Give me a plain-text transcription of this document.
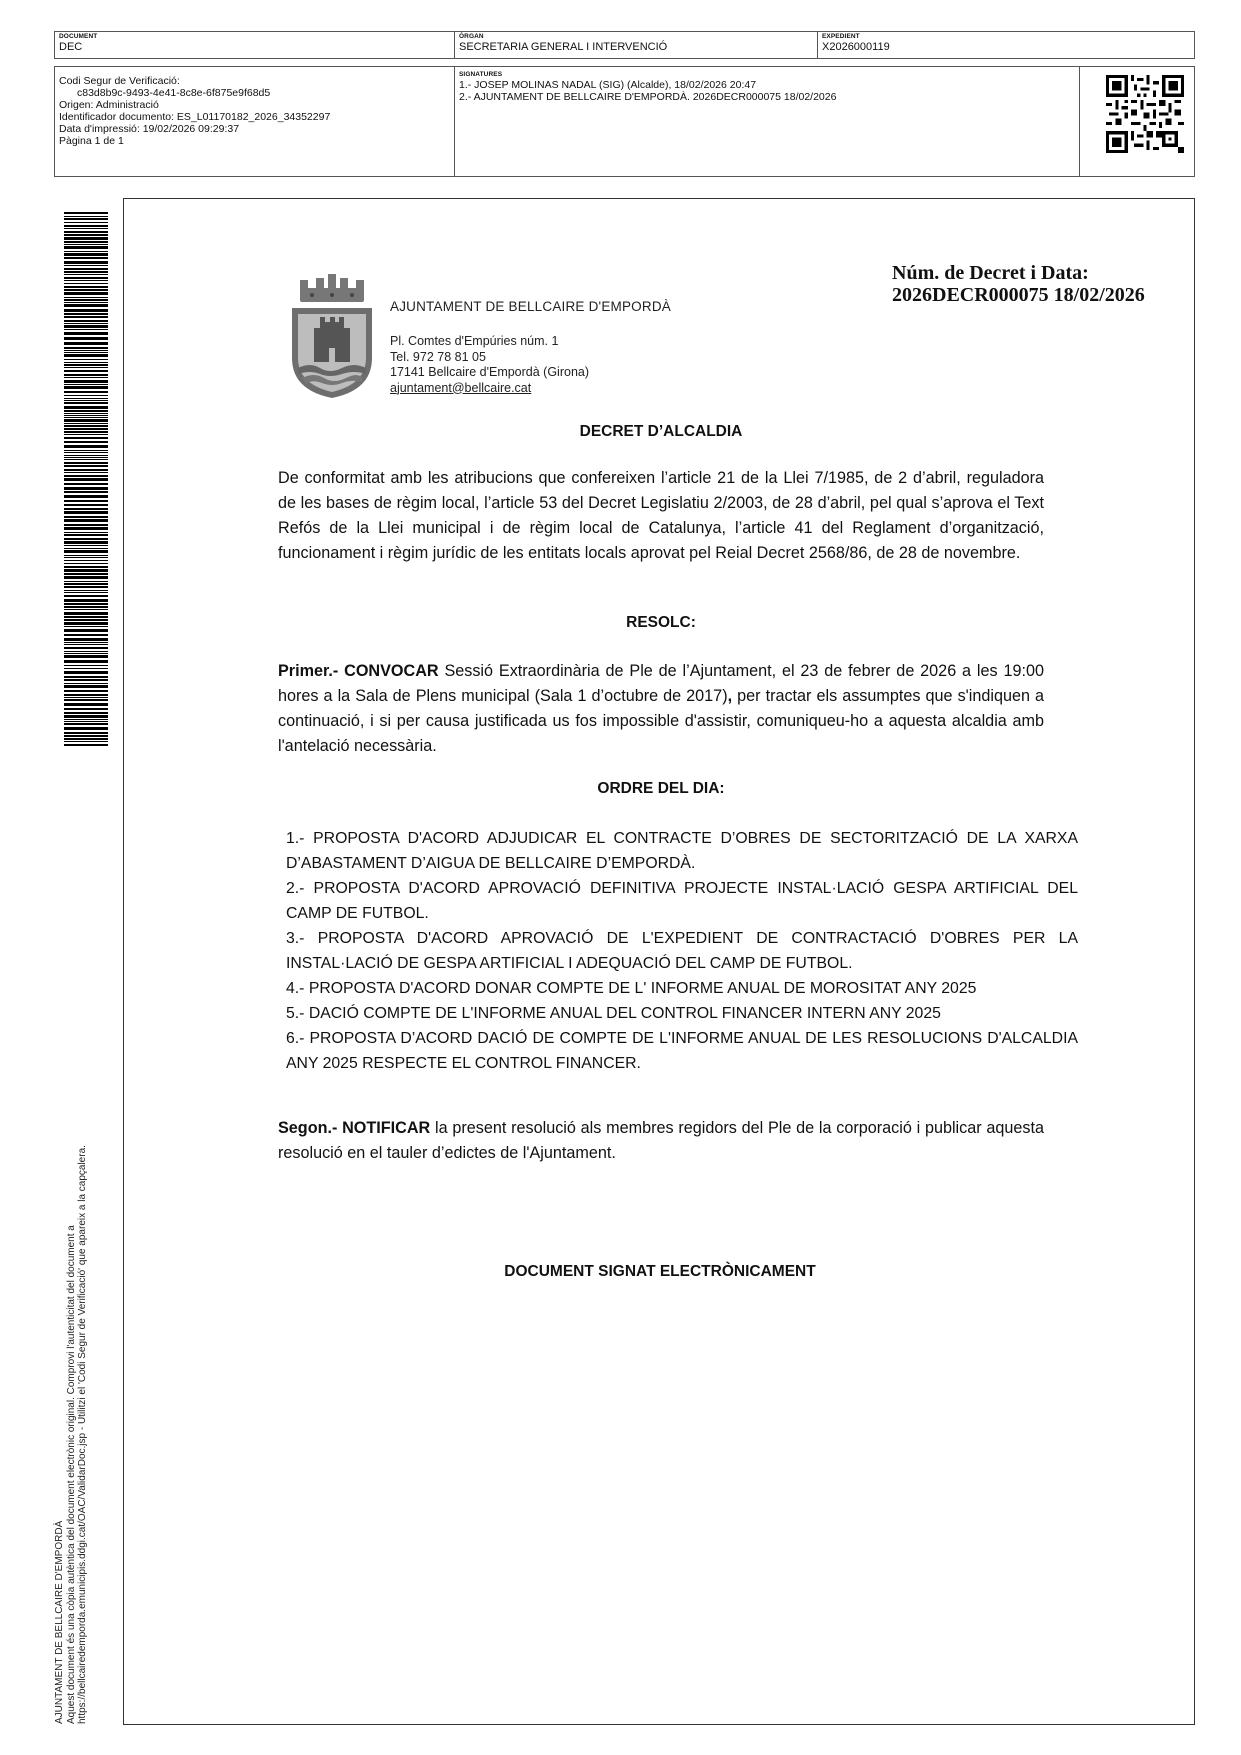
DOCUMENT
DEC
ÒRGAN
SECRETARIA GENERAL I INTERVENCIÓ
EXPEDIENT
X2026000119
Codi Segur de Verificació:
c83d8b9c-9493-4e41-8c8e-6f875e9f68d5
Origen: Administració
Identificador documento: ES_L01170182_2026_34352297
Data d'impressió: 19/02/2026 09:29:37
Pàgina 1 de 1
SIGNATURES
1.- JOSEP MOLINAS NADAL (SIG) (Alcalde), 18/02/2026 20:47
2.- AJUNTAMENT DE BELLCAIRE D'EMPORDÀ. 2026DECR000075 18/02/2026
AJUNTAMENT DE BELLCAIRE D'EMPORDÀ Aquest document és una còpia autèntica del document electrònic original. Comprovi l'autenticitat del document a https://bellcairedemporda.emunicipis.ddgi.cat/OAC/ValidarDoc.jsp - Utilitzi el 'Codi Segur de Verificació' que apareix a la capçalera.
AJUNTAMENT DE BELLCAIRE D'EMPORDÀ
Pl. Comtes d'Empúries núm. 1
Tel. 972 78 81 05
17141 Bellcaire d'Empordà (Girona)
ajuntament@bellcaire.cat
Núm. de Decret i Data:
2026DECR000075 18/02/2026
DECRET D’ALCALDIA
De conformitat amb les atribucions que confereixen l’article 21 de la Llei 7/1985, de 2 d’abril, reguladora de les bases de règim local, l’article 53 del Decret Legislatiu 2/2003, de 28 d’abril, pel qual s’aprova el Text Refós de la Llei municipal i de règim local de Catalunya, l’article 41 del Reglament d’organització, funcionament i règim jurídic de les entitats locals aprovat pel Reial Decret 2568/86, de 28 de novembre.
RESOLC:

Primer.- CONVOCAR Sessió Extraordinària de Ple de l’Ajuntament, el 23 de febrer de 2026 a les 19:00 hores a la Sala de Plens municipal (Sala 1 d’octubre de 2017), per tractar els assumptes que s'indiquen a continuació, i si per causa justificada us fos impossible d'assistir, comuniqueu-ho a aquesta alcaldia amb l'antelació necessària.

ORDRE DEL DIA:

1.- PROPOSTA D'ACORD ADJUDICAR EL CONTRACTE D’OBRES DE SECTORITZACIÓ DE LA XARXA D’ABASTAMENT D’AIGUA DE BELLCAIRE D’EMPORDÀ.

2.- PROPOSTA D'ACORD APROVACIÓ DEFINITIVA PROJECTE INSTAL·LACIÓ GESPA ARTIFICIAL DEL CAMP DE FUTBOL.

3.- PROPOSTA D'ACORD APROVACIÓ DE L'EXPEDIENT DE CONTRACTACIÓ D'OBRES PER LA INSTAL·LACIÓ DE GESPA ARTIFICIAL I ADEQUACIÓ DEL CAMP DE FUTBOL.

4.- PROPOSTA D'ACORD DONAR COMPTE DE L' INFORME ANUAL DE MOROSITAT ANY 2025

5.- DACIÓ COMPTE DE L'INFORME ANUAL DEL CONTROL FINANCER INTERN ANY 2025

6.- PROPOSTA D’ACORD DACIÓ DE COMPTE DE L'INFORME ANUAL DE LES RESOLUCIONS D'ALCALDIA ANY 2025 RESPECTE EL CONTROL FINANCER.

Segon.- NOTIFICAR la present resolució als membres regidors del Ple de la corporació i publicar aquesta resolució en el tauler d’edictes de l'Ajuntament.

DOCUMENT SIGNAT ELECTRÒNICAMENT
